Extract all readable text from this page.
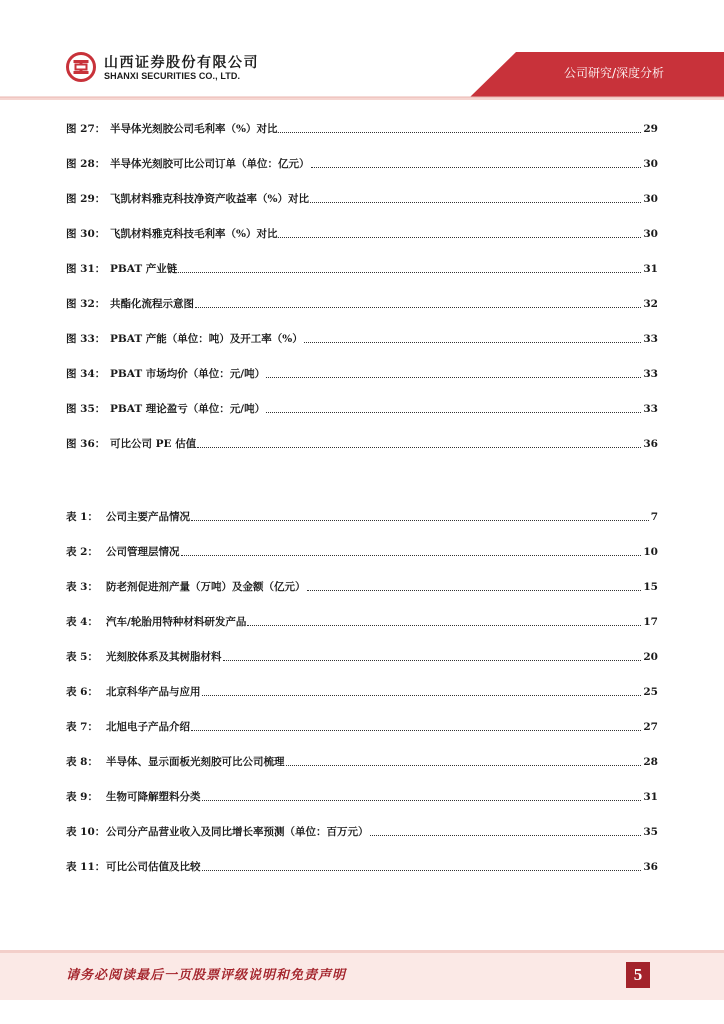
山西证券股份有限公司
SHANXI SECURITIES CO., LTD.	公司研究/深度分析
图 27： 半导体光刻胶公司毛利率（%）对比	29
图 28： 半导体光刻胶可比公司订单（单位：亿元）	30
图 29： 飞凯材料雅克科技净资产收益率（%）对比	30
图 30： 飞凯材料雅克科技毛利率（%）对比	30
图 31： PBAT 产业链	31
图 32： 共酯化流程示意图	32
图 33： PBAT 产能（单位：吨）及开工率（%）	33
图 34： PBAT 市场均价（单位：元/吨）	33
图 35： PBAT 理论盈亏（单位：元/吨）	33
图 36： 可比公司 PE 估值	36
表 1： 公司主要产品情况	7
表 2： 公司管理层情况	10
表 3： 防老剂促进剂产量（万吨）及金额（亿元）	15
表 4： 汽车/轮胎用特种材料研发产品	17
表 5： 光刻胶体系及其树脂材料	20
表 6： 北京科华产品与应用	25
表 7： 北旭电子产品介绍	27
表 8： 半导体、显示面板光刻胶可比公司梳理	28
表 9： 生物可降解塑料分类	31
表 10： 公司分产品营业收入及同比增长率预测（单位：百万元）	35
表 11： 可比公司估值及比较	36
请务必阅读最后一页股票评级说明和免责声明	5
